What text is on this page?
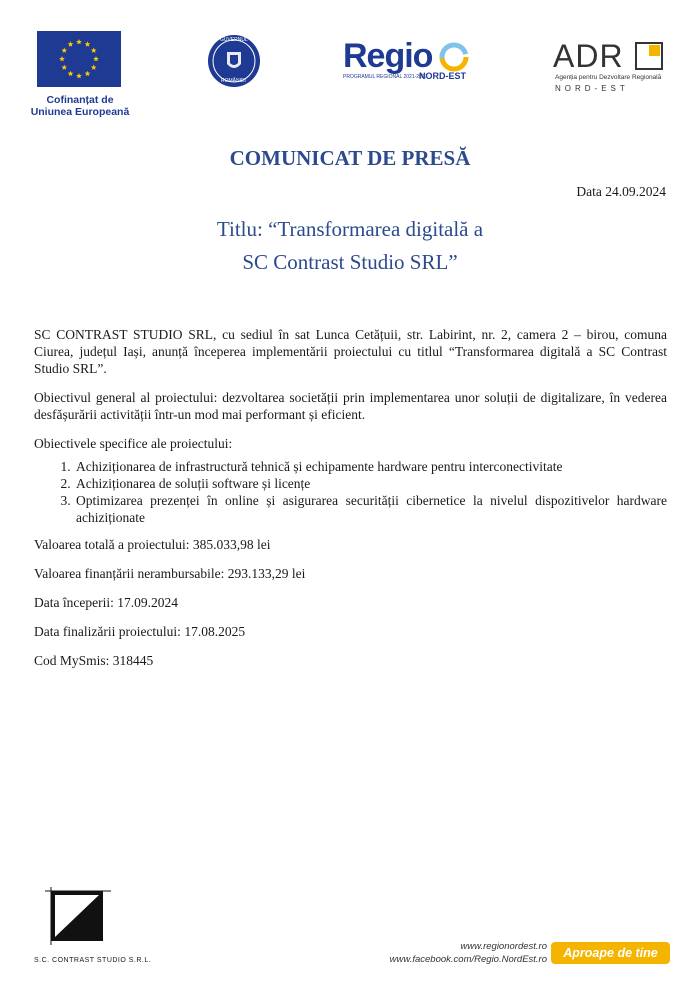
Cofinanțat de
Uniunea Europeană
GUVERNUL
ROMÂNIEI
Regio
PROGRAMUL REGIONAL 2021-2027
NORD-EST
ADR
Agenția pentru Dezvoltare Regională
NORD-EST
COMUNICAT DE PRESĂ
Data 24.09.2024
Titlu: “Transformarea digitală a
SC Contrast Studio SRL”

SC CONTRAST STUDIO SRL, cu sediul în sat Lunca Cetățuii, str. Labirint, nr. 2, camera 2 – birou, comuna Ciurea, județul Iași, anunță începerea implementării proiectului cu titlul “Transformarea digitală a SC Contrast Studio SRL”.

Obiectivul general al proiectului: dezvoltarea societății prin implementarea unor soluții de digitalizare, în vederea desfășurării activității într-un mod mai performant și eficient.

Obiectivele specifice ale proiectului:

1. Achiziționarea de infrastructură tehnică și echipamente hardware pentru interconectivitate
2. Achiziționarea de soluții software și licențe
3. Optimizarea prezenței în online și asigurarea securității cibernetice la nivelul dispozitivelor hardware achiziționate
Valoarea totală a proiectului: 385.033,98 lei
Valoarea finanțării nerambursabile: 293.133,29 lei
Data începerii: 17.09.2024
Data finalizării proiectului: 17.08.2025
Cod MySmis: 318445
S.C. CONTRAST STUDIO S.R.L.
www.regionordest.ro
www.facebook.com/Regio.NordEst.ro	Aproape de tine
